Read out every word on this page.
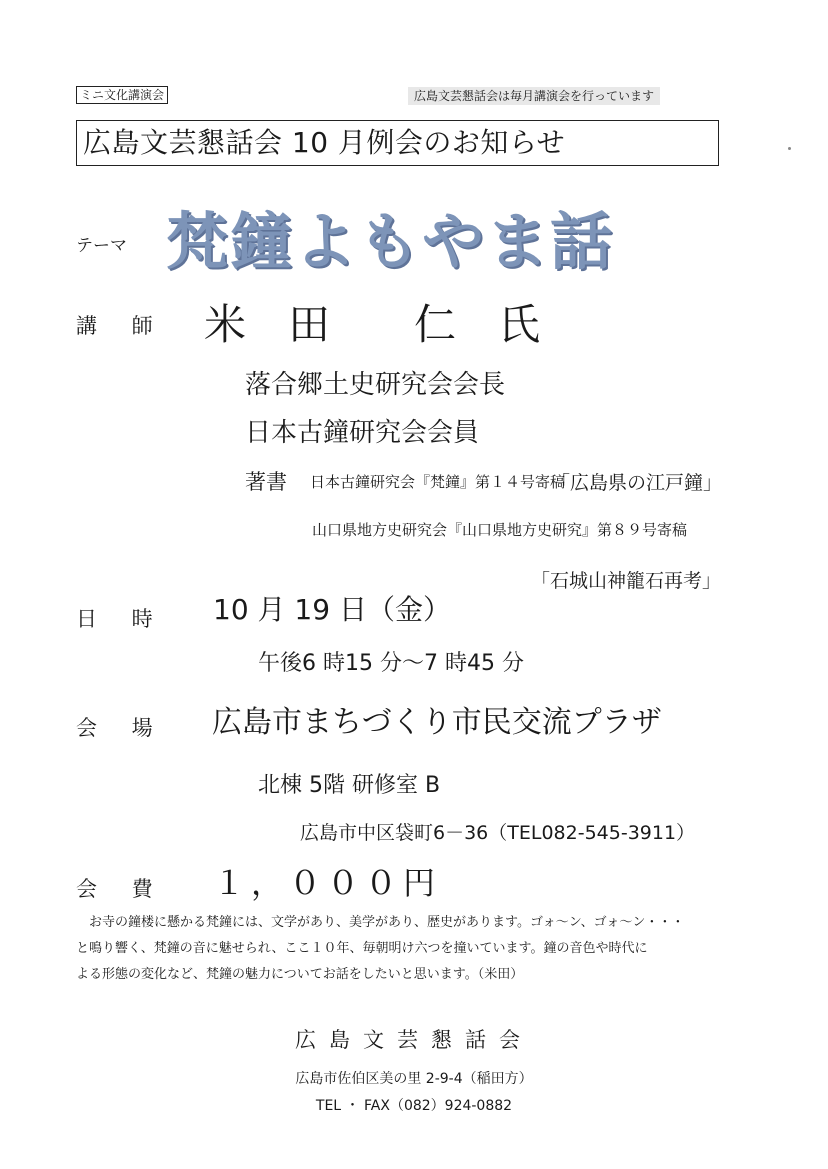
ミニ文化講演会	広島文芸懇話会は毎月講演会を行っています
広島文芸懇話会 10 月例会のお知らせ
テーマ 梵鐘よもやま話
講 師 米　田　　仁　氏
落合郷土史研究会会長
日本古鐘研究会会員
著書 日本古鐘研究会『梵鐘』第１４号寄稿
「広島県の江戸鐘」
山口県地方史研究会『山口県地方史研究』第８９号寄稿
「石城山神籠石再考」
日 時 10 月 19 日（金）
午後6 時15 分～7 時45 分
会 場 広島市まちづくり市民交流プラザ
北棟 5階 研修室 B
広島市中区袋町6－36（TEL082-545-3911）
会 費 １，０００円

お寺の鐘楼に懸かる梵鐘には、文学があり、美学があり、歴史があります。ゴォ～ン、ゴォ～ン・・・

と鳴り響く、梵鐘の音に魅せられ、ここ１０年、毎朝明け六つを撞いています。鐘の音色や時代に

よる形態の変化など、梵鐘の魅力についてお話をしたいと思います。（米田）

広島文芸懇話会
広島市佐伯区美の里 2-9-4（稲田方）
TEL ・ FAX（082）924-0882
